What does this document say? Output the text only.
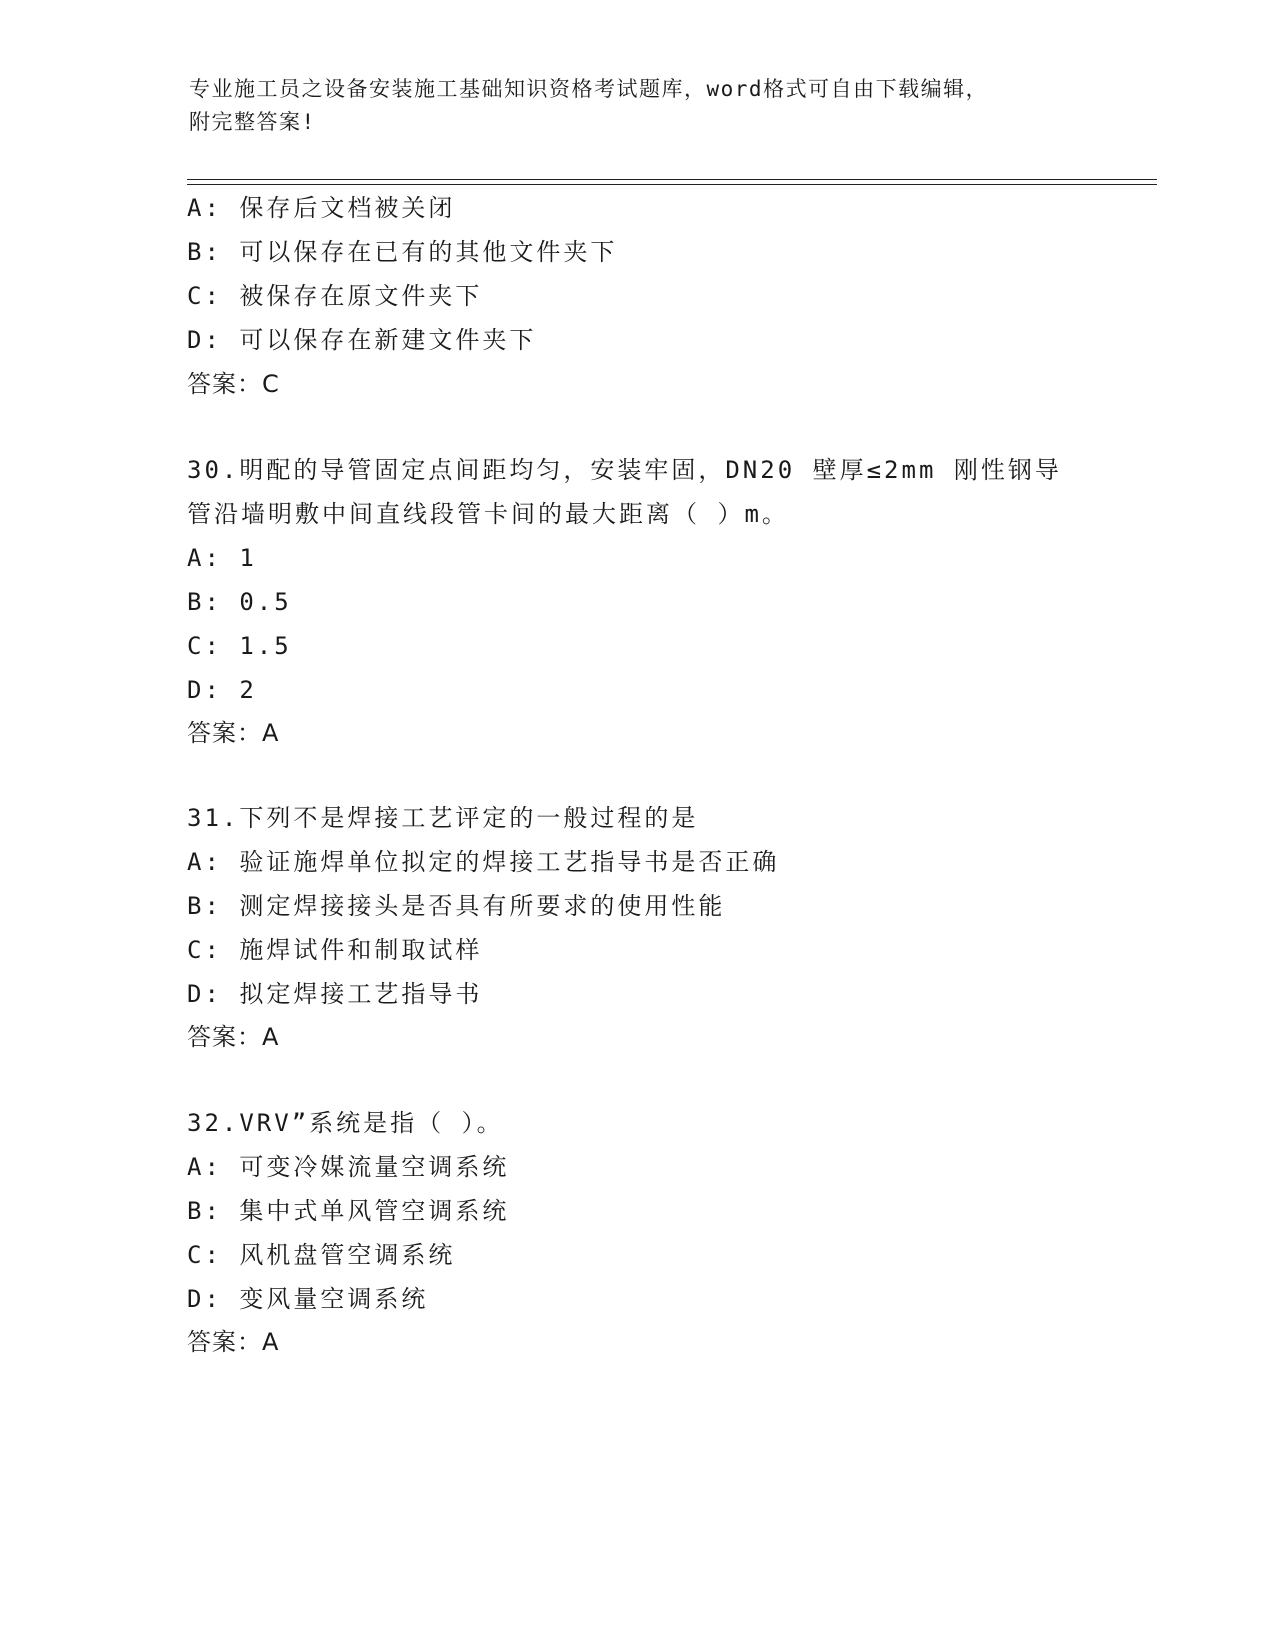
专业施工员之设备安装施工基础知识资格考试题库，word格式可自由下载编辑，
附完整答案!
A: 保存后文档被关闭
B: 可以保存在已有的其他文件夹下
C: 被保存在原文件夹下
D: 可以保存在新建文件夹下
答案：C
30.明配的导管固定点间距均匀，安装牢固，DN20 壁厚≤2mm 刚性钢导
管沿墙明敷中间直线段管卡间的最大距离（ ）m。
A: 1
B: 0.5
C: 1.5
D: 2
答案：A
31.下列不是焊接工艺评定的一般过程的是
A: 验证施焊单位拟定的焊接工艺指导书是否正确
B: 测定焊接接头是否具有所要求的使用性能
C: 施焊试件和制取试样
D: 拟定焊接工艺指导书
答案：A
32.VRV”系统是指（ ）。
A: 可变冷媒流量空调系统
B: 集中式单风管空调系统
C: 风机盘管空调系统
D: 变风量空调系统
答案：A
